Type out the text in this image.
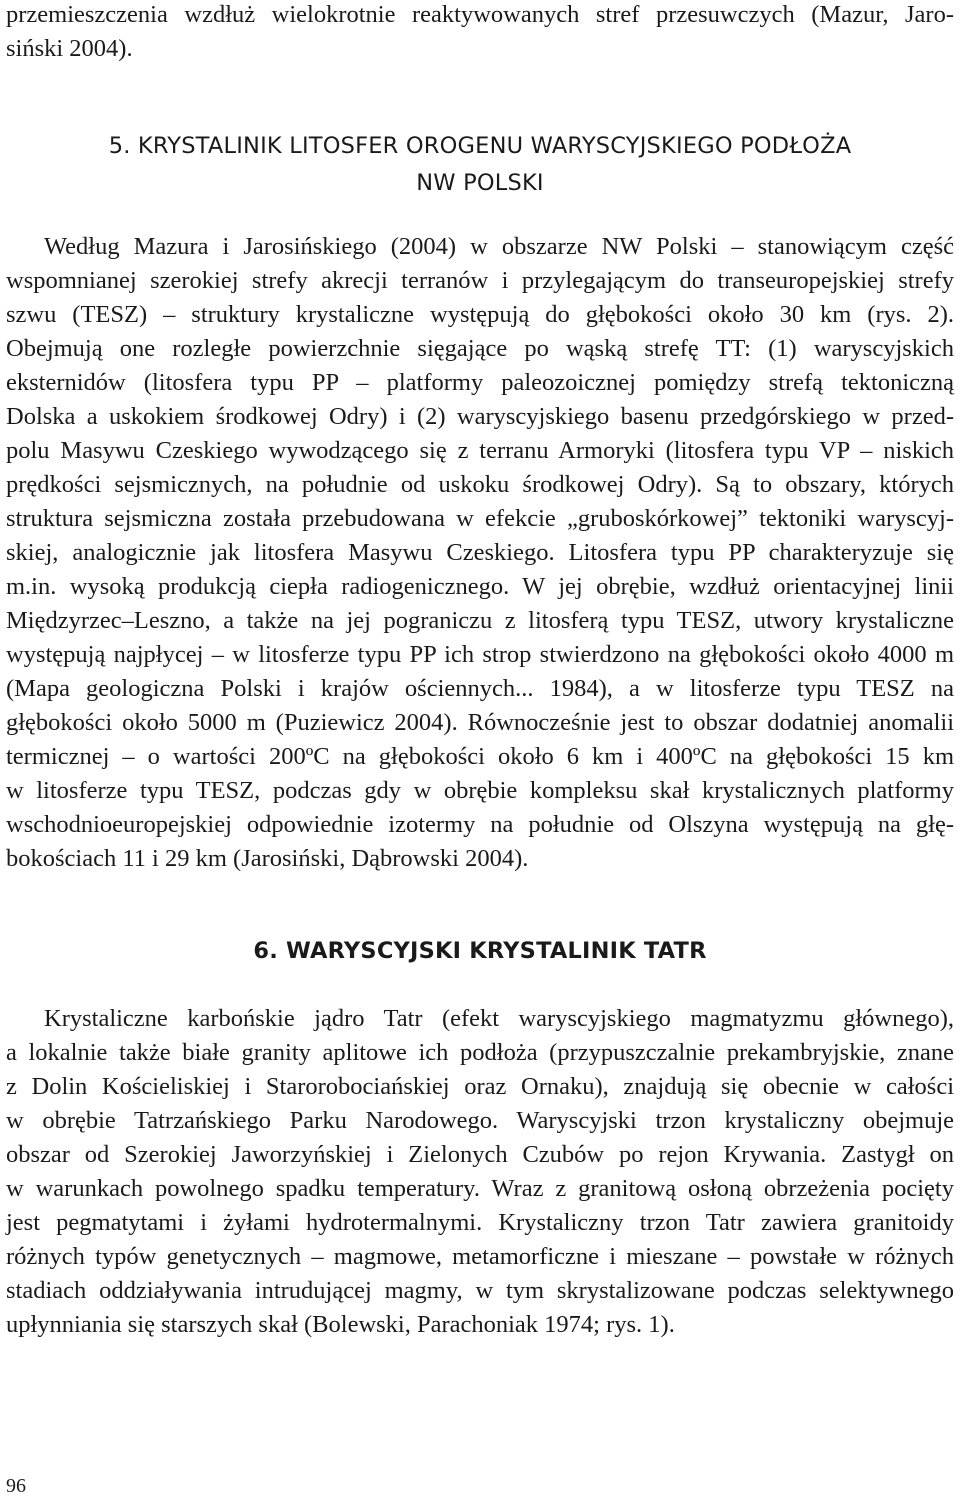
przemieszczenia wzdłuż wielokrotnie reaktywowanych stref przesuwczych (Mazur, Jaro-
siński 2004).
5. KRYSTALINIK LITOSFER OROGENU WARYSCYJSKIEGO PODŁOŻA
NW POLSKI
Według Mazura i Jarosińskiego (2004) w obszarze NW Polski – stanowiącym część
wspomnianej szerokiej strefy akrecji terranów i przylegającym do transeuropejskiej strefy
szwu (TESZ) – struktury krystaliczne występują do głębokości około 30 km (rys. 2).
Obejmują one rozległe powierzchnie sięgające po wąską strefę TT: (1) waryscyjskich
eksternidów (litosfera typu PP – platformy paleozoicznej pomiędzy strefą tektoniczną
Dolska a uskokiem środkowej Odry) i (2) waryscyjskiego basenu przedgórskiego w przed-
polu Masywu Czeskiego wywodzącego się z terranu Armoryki (litosfera typu VP – niskich
prędkości sejsmicznych, na południe od uskoku środkowej Odry). Są to obszary, których
struktura sejsmiczna została przebudowana w efekcie „gruboskórkowej” tektoniki waryscyj-
skiej, analogicznie jak litosfera Masywu Czeskiego. Litosfera typu PP charakteryzuje się
m.in. wysoką produkcją ciepła radiogenicznego. W jej obrębie, wzdłuż orientacyjnej linii
Międzyrzec–Leszno, a także na jej pograniczu z litosferą typu TESZ, utwory krystaliczne
występują najpłycej – w litosferze typu PP ich strop stwierdzono na głębokości około 4000 m
(Mapa geologiczna Polski i krajów ościennych... 1984), a w litosferze typu TESZ na
głębokości około 5000 m (Puziewicz 2004). Równocześnie jest to obszar dodatniej anomalii
termicznej – o wartości 200ºC na głębokości około 6 km i 400ºC na głębokości 15 km
w litosferze typu TESZ, podczas gdy w obrębie kompleksu skał krystalicznych platformy
wschodnioeuropejskiej odpowiednie izotermy na południe od Olszyna występują na głę-
bokościach 11 i 29 km (Jarosiński, Dąbrowski 2004).
6. WARYSCYJSKI KRYSTALINIK TATR
Krystaliczne karbońskie jądro Tatr (efekt waryscyjskiego magmatyzmu głównego),
a lokalnie także białe granity aplitowe ich podłoża (przypuszczalnie prekambryjskie, znane
z Dolin Kościeliskiej i Starorobociańskiej oraz Ornaku), znajdują się obecnie w całości
w obrębie Tatrzańskiego Parku Narodowego. Waryscyjski trzon krystaliczny obejmuje
obszar od Szerokiej Jaworzyńskiej i Zielonych Czubów po rejon Krywania. Zastygł on
w warunkach powolnego spadku temperatury. Wraz z granitową osłoną obrzeżenia pocięty
jest pegmatytami i żyłami hydrotermalnymi. Krystaliczny trzon Tatr zawiera granitoidy
różnych typów genetycznych – magmowe, metamorficzne i mieszane – powstałe w różnych
stadiach oddziaływania intrudującej magmy, w tym skrystalizowane podczas selektywnego
upłynniania się starszych skał (Bolewski, Parachoniak 1974; rys. 1).
96
